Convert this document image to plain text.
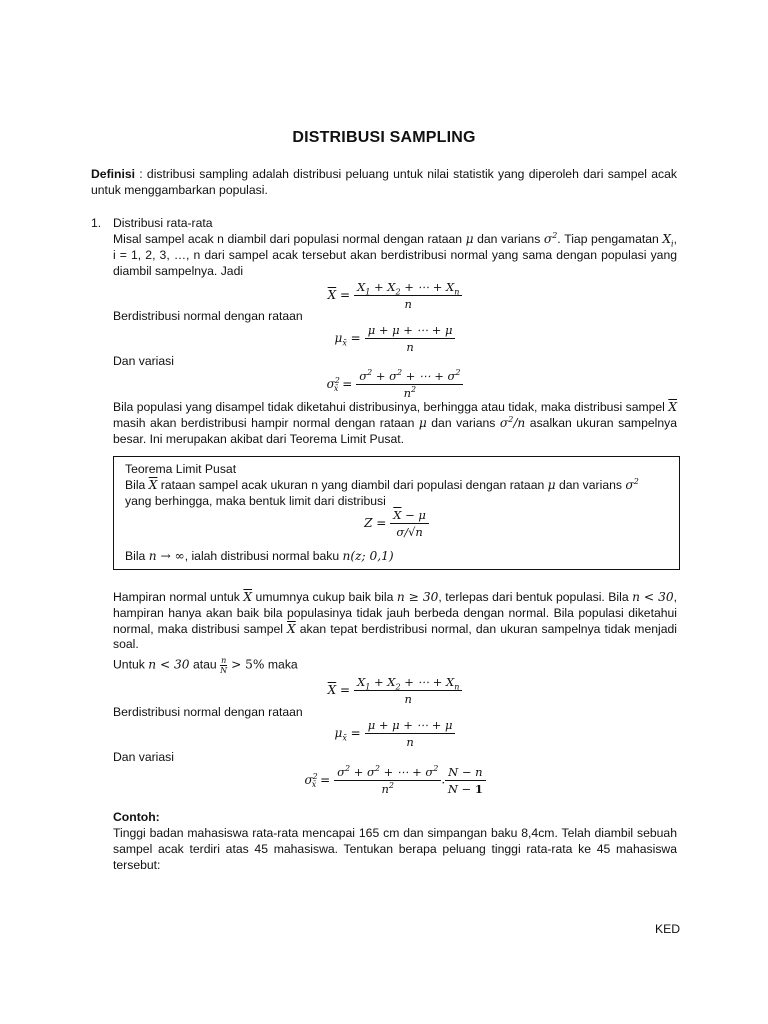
DISTRIBUSI SAMPLING
Definisi : distribusi sampling adalah distribusi peluang untuk nilai statistik yang diperoleh dari sampel acak untuk menggambarkan populasi.
1. Distribusi rata-rata
Misal sampel acak n diambil dari populasi normal dengan rataan μ dan varians $\sigma^2$. Tiap pengamatan $X_i$, i = 1, 2, 3, …, n dari sampel acak tersebut akan berdistribusi normal yang sama dengan populasi yang diambil sampelnya. Jadi
$\overline{X} = \frac{X_1 + X_2 + \cdots + X_n}{n}$
Berdistribusi normal dengan rataan
$\mu_{x̄} = \frac{\mu + \mu + \cdots + \mu}{n}$
Dan variasi
$\sigma^2_{x̄} = \frac{\sigma^2 + \sigma^2 + \cdots + \sigma^2}{n^2}$
Bila populasi yang disampel tidak diketahui distribusinya, berhingga atau tidak, maka distribusi sampel $\overline{X}$ masih akan berdistribusi hampir normal dengan rataan μ dan varians $\sigma^2/n$ asalkan ukuran sampelnya besar. Ini merupakan akibat dari Teorema Limit Pusat.
Teorema Limit Pusat
Bila $\overline{X}$ rataan sampel acak ukuran n yang diambil dari populasi dengan rataan μ dan varians $\sigma^2$
yang berhingga, maka bentuk limit dari distribusi
$Z = \frac{\overline{X} - \mu}{\sigma/√n}$
Bila n → ∞, ialah distribusi normal baku n(z; 0,1)
Hampiran normal untuk $\overline{X}$ umumnya cukup baik bila n ≥ 30, terlepas dari bentuk populasi. Bila n < 30, hampiran hanya akan baik bila populasinya tidak jauh berbeda dengan normal. Bila populasi diketahui normal, maka distribusi sampel $\overline{X}$ akan tepat berdistribusi normal, dan ukuran sampelnya tidak menjadi soal.
Untuk n < 30 atau $\frac{n}{N} > 5\%$ maka
$\overline{X} = \frac{X_1 + X_2 + \cdots + X_n}{n}$
Berdistribusi normal dengan rataan
$\mu_{x̄} = \frac{\mu + \mu + \cdots + \mu}{n}$
Dan variasi
$\sigma^2_{x̄} = \frac{\sigma^2 + \sigma^2 + \cdots + \sigma^2}{n^2}$ . $\frac{N - n}{N - 1}$
Contoh:
Tinggi badan mahasiswa rata-rata mencapai 165 cm dan simpangan baku 8,4cm. Telah diambil sebuah sampel acak terdiri atas 45 mahasiswa. Tentukan berapa peluang tinggi rata-rata ke 45 mahasiswa tersebut:
KED
